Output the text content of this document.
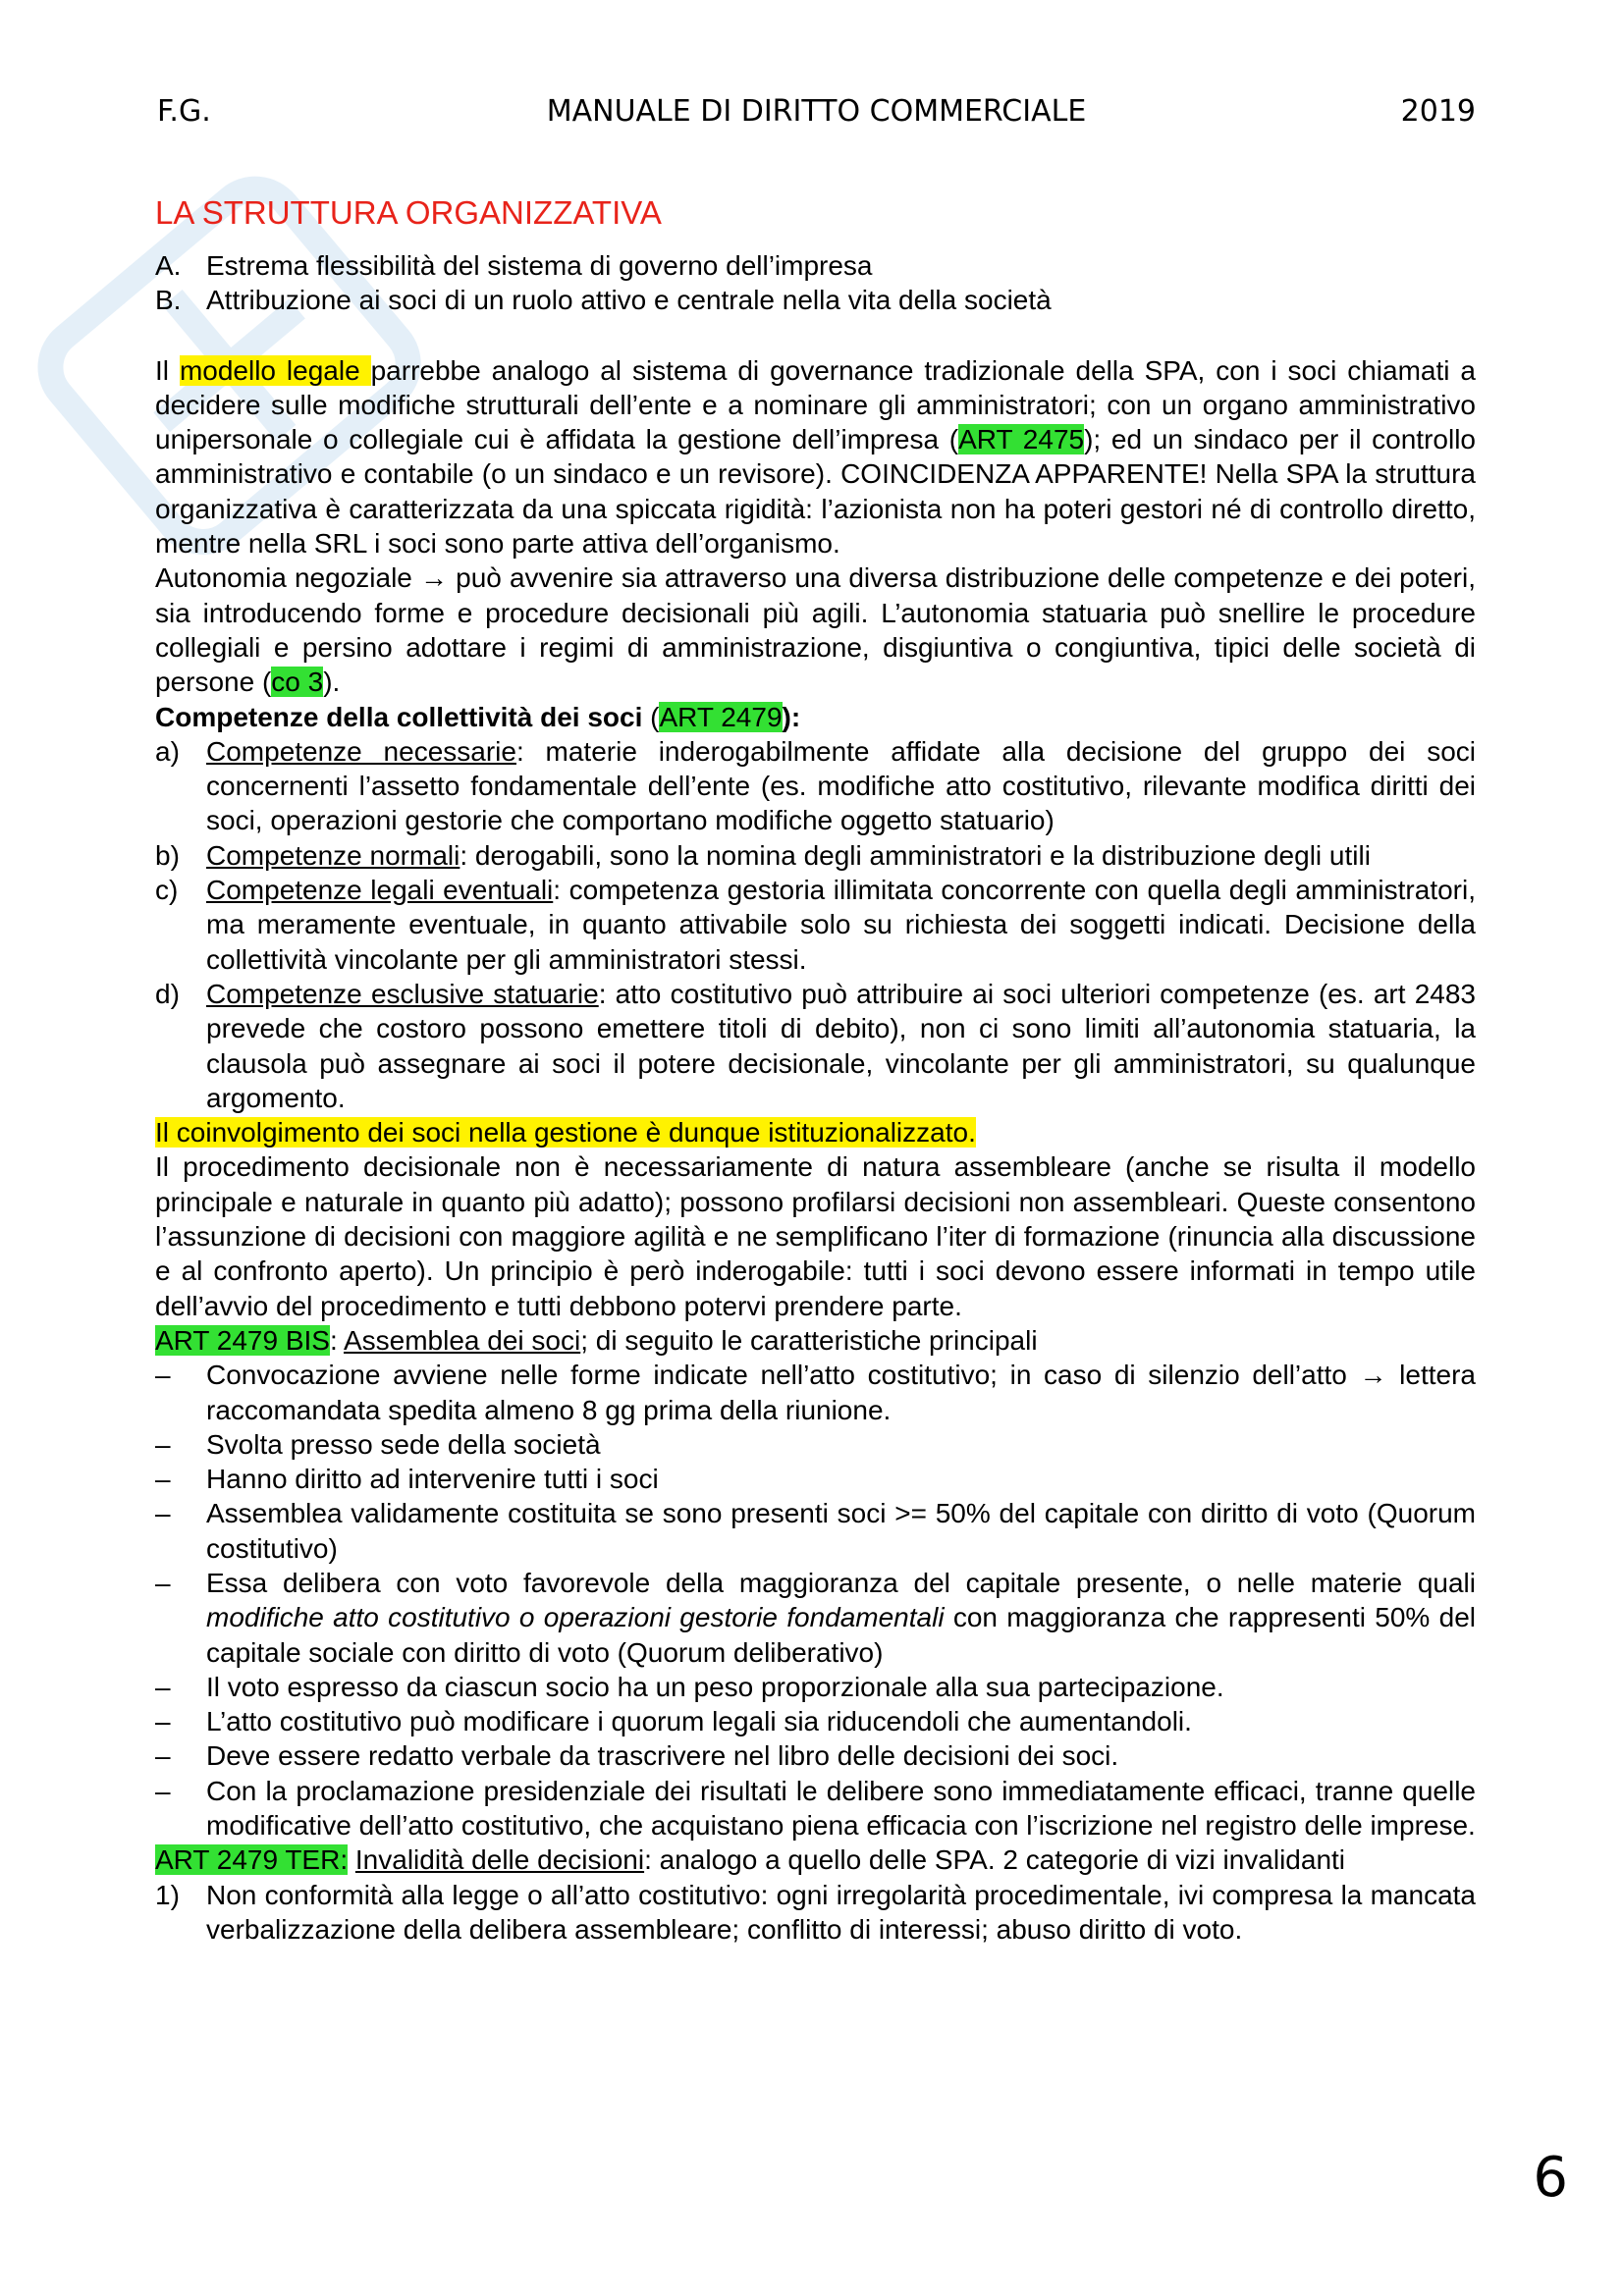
F.G.	MANUALE DI DIRITTO COMMERCIALE	2019
LA STRUTTURA ORGANIZZATIVA
A. Estrema flessibilità del sistema di governo dell’impresa
B. Attribuzione ai soci di un ruolo attivo e centrale nella vita della società
Il modello legale parrebbe analogo al sistema di governance tradizionale della SPA, con i soci chiamati a decidere sulle modifiche strutturali dell’ente e a nominare gli amministratori; con un organo amministrativo unipersonale o collegiale cui è affidata la gestione dell’impresa (ART 2475); ed un sindaco per il controllo amministrativo e contabile (o un sindaco e un revisore). COINCIDENZA APPARENTE! Nella SPA la struttura organizzativa è caratterizzata da una spiccata rigidità: l’azionista non ha poteri gestori né di controllo diretto, mentre nella SRL i soci sono parte attiva dell’organismo.
Autonomia negoziale → può avvenire sia attraverso una diversa distribuzione delle competenze e dei poteri, sia introducendo forme e procedure decisionali più agili. L’autonomia statuaria può snellire le procedure collegiali e persino adottare i regimi di amministrazione, disgiuntiva o congiuntiva, tipici delle società di persone (co 3).
Competenze della collettività dei soci (ART 2479):
a) Competenze necessarie: materie inderogabilmente affidate alla decisione del gruppo dei soci concernenti l’assetto fondamentale dell’ente (es. modifiche atto costitutivo, rilevante modifica diritti dei soci, operazioni gestorie che comportano modifiche oggetto statuario)
b) Competenze normali: derogabili, sono la nomina degli amministratori e la distribuzione degli utili
c) Competenze legali eventuali: competenza gestoria illimitata concorrente con quella degli amministratori, ma meramente eventuale, in quanto attivabile solo su richiesta dei soggetti indicati. Decisione della collettività vincolante per gli amministratori stessi.
d) Competenze esclusive statuarie: atto costitutivo può attribuire ai soci ulteriori competenze (es. art 2483 prevede che costoro possono emettere titoli di debito), non ci sono limiti all’autonomia statuaria, la clausola può assegnare ai soci il potere decisionale, vincolante per gli amministratori, su qualunque argomento.
Il coinvolgimento dei soci nella gestione è dunque istituzionalizzato.
Il procedimento decisionale non è necessariamente di natura assembleare (anche se risulta il modello principale e naturale in quanto più adatto); possono profilarsi decisioni non assembleari. Queste consentono l’assunzione di decisioni con maggiore agilità e ne semplificano l’iter di formazione (rinuncia alla discussione e al confronto aperto). Un principio è però inderogabile: tutti i soci devono essere informati in tempo utile dell’avvio del procedimento e tutti debbono potervi prendere parte.
ART 2479 BIS: Assemblea dei soci; di seguito le caratteristiche principali
– Convocazione avviene nelle forme indicate nell’atto costitutivo; in caso di silenzio dell’atto → lettera raccomandata spedita almeno 8 gg prima della riunione.
– Svolta presso sede della società
– Hanno diritto ad intervenire tutti i soci
– Assemblea validamente costituita se sono presenti soci >= 50% del capitale con diritto di voto (Quorum costitutivo)
– Essa delibera con voto favorevole della maggioranza del capitale presente, o nelle materie quali modifiche atto costitutivo o operazioni gestorie fondamentali con maggioranza che rappresenti 50% del capitale sociale con diritto di voto (Quorum deliberativo)
– Il voto espresso da ciascun socio ha un peso proporzionale alla sua partecipazione.
– L’atto costitutivo può modificare i quorum legali sia riducendoli che aumentandoli.
– Deve essere redatto verbale da trascrivere nel libro delle decisioni dei soci.
– Con la proclamazione presidenziale dei risultati le delibere sono immediatamente efficaci, tranne quelle modificative dell’atto costitutivo, che acquistano piena efficacia con l’iscrizione nel registro delle imprese.
ART 2479 TER: Invalidità delle decisioni: analogo a quello delle SPA. 2 categorie di vizi invalidanti
1) Non conformità alla legge o all’atto costitutivo: ogni irregolarità procedimentale, ivi compresa la mancata verbalizzazione della delibera assembleare; conflitto di interessi; abuso diritto di voto.
6
